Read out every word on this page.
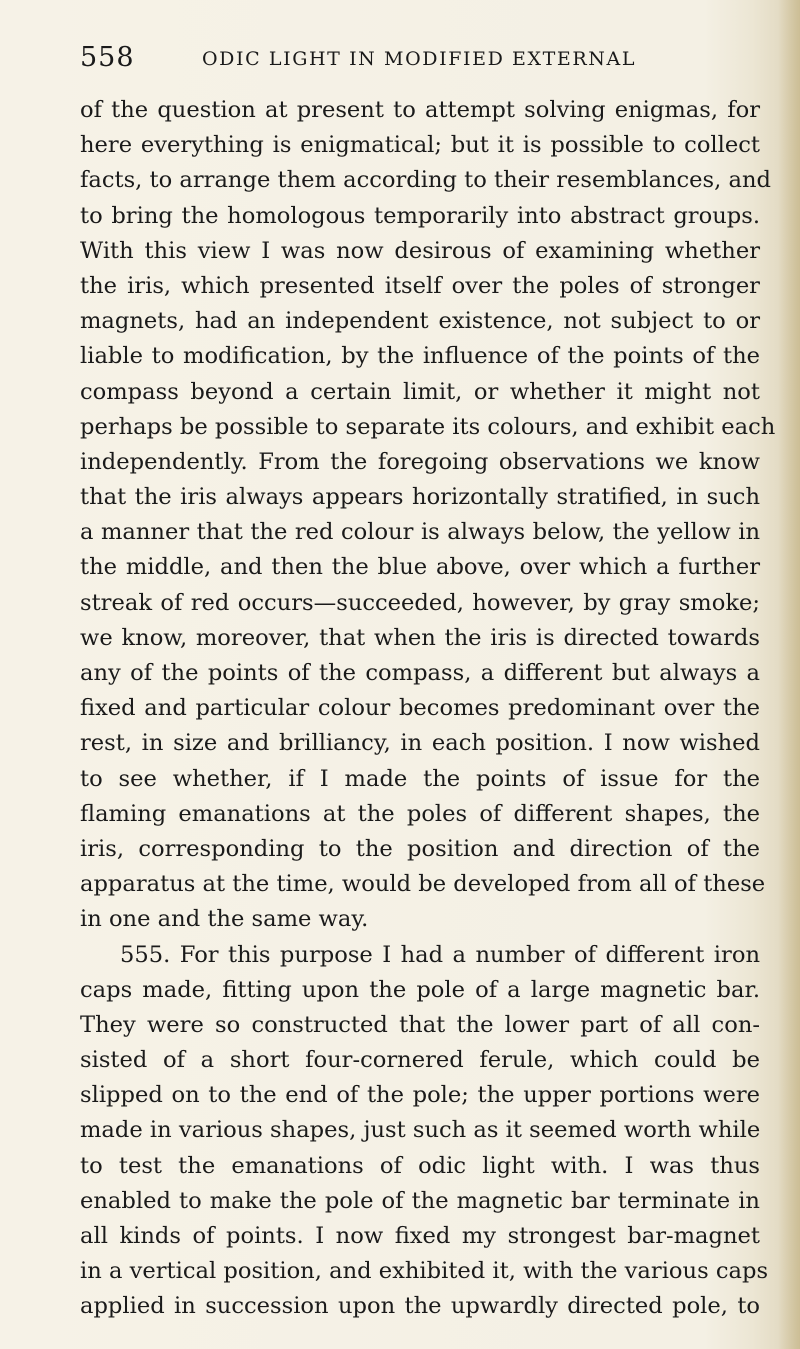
558	ODIC LIGHT IN MODIFIED EXTERNAL
of the question at present to attempt solving enigmas, for
here everything is enigmatical; but it is possible to collect
facts, to arrange them according to their resemblances, and
to bring the homologous temporarily into abstract groups.
With this view I was now desirous of examining whether
the iris, which presented itself over the poles of stronger
magnets, had an independent existence, not subject to or
liable to modification, by the influence of the points of the
compass beyond a certain limit, or whether it might not
perhaps be possible to separate its colours, and exhibit each
independently. From the foregoing observations we know
that the iris always appears horizontally stratified, in such
a manner that the red colour is always below, the yellow in
the middle, and then the blue above, over which a further
streak of red occurs—succeeded, however, by gray smoke;
we know, moreover, that when the iris is directed towards
any of the points of the compass, a different but always a
fixed and particular colour becomes predominant over the
rest, in size and brilliancy, in each position. I now wished
to see whether, if I made the points of issue for the
flaming emanations at the poles of different shapes, the
iris, corresponding to the position and direction of the
apparatus at the time, would be developed from all of these
in one and the same way.
555. For this purpose I had a number of different iron
caps made, fitting upon the pole of a large magnetic bar.
They were so constructed that the lower part of all con-
sisted of a short four-cornered ferule, which could be
slipped on to the end of the pole; the upper portions were
made in various shapes, just such as it seemed worth while
to test the emanations of odic light with. I was thus
enabled to make the pole of the magnetic bar terminate in
all kinds of points. I now fixed my strongest bar-magnet
in a vertical position, and exhibited it, with the various caps
applied in succession upon the upwardly directed pole, to
